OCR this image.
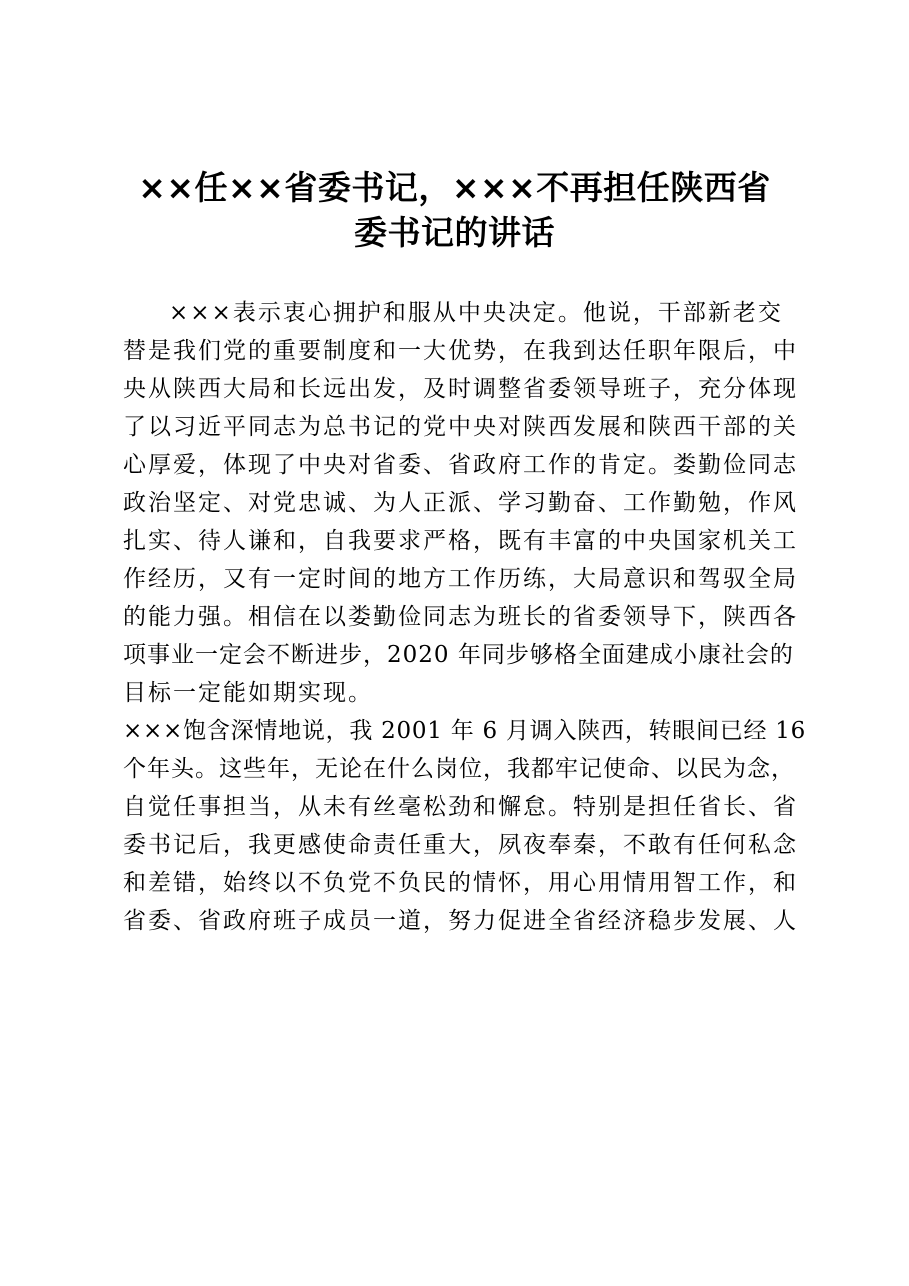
××任××省委书记，×××不再担任陕西省
委书记的讲话
×××表示衷心拥护和服从中央决定。他说，干部新老交
替是我们党的重要制度和一大优势，在我到达任职年限后，中
央从陕西大局和长远出发，及时调整省委领导班子，充分体现
了以习近平同志为总书记的党中央对陕西发展和陕西干部的关
心厚爱，体现了中央对省委、省政府工作的肯定。娄勤俭同志
政治坚定、对党忠诚、为人正派、学习勤奋、工作勤勉，作风
扎实、待人谦和，自我要求严格，既有丰富的中央国家机关工
作经历，又有一定时间的地方工作历练，大局意识和驾驭全局
的能力强。相信在以娄勤俭同志为班长的省委领导下，陕西各
项事业一定会不断进步，2020 年同步够格全面建成小康社会的
目标一定能如期实现。
×××饱含深情地说，我 2001 年 6 月调入陕西，转眼间已经 16
个年头。这些年，无论在什么岗位，我都牢记使命、以民为念，
自觉任事担当，从未有丝毫松劲和懈怠。特别是担任省长、省
委书记后，我更感使命责任重大，夙夜奉秦，不敢有任何私念
和差错，始终以不负党不负民的情怀，用心用情用智工作，和
省委、省政府班子成员一道，努力促进全省经济稳步发展、人
